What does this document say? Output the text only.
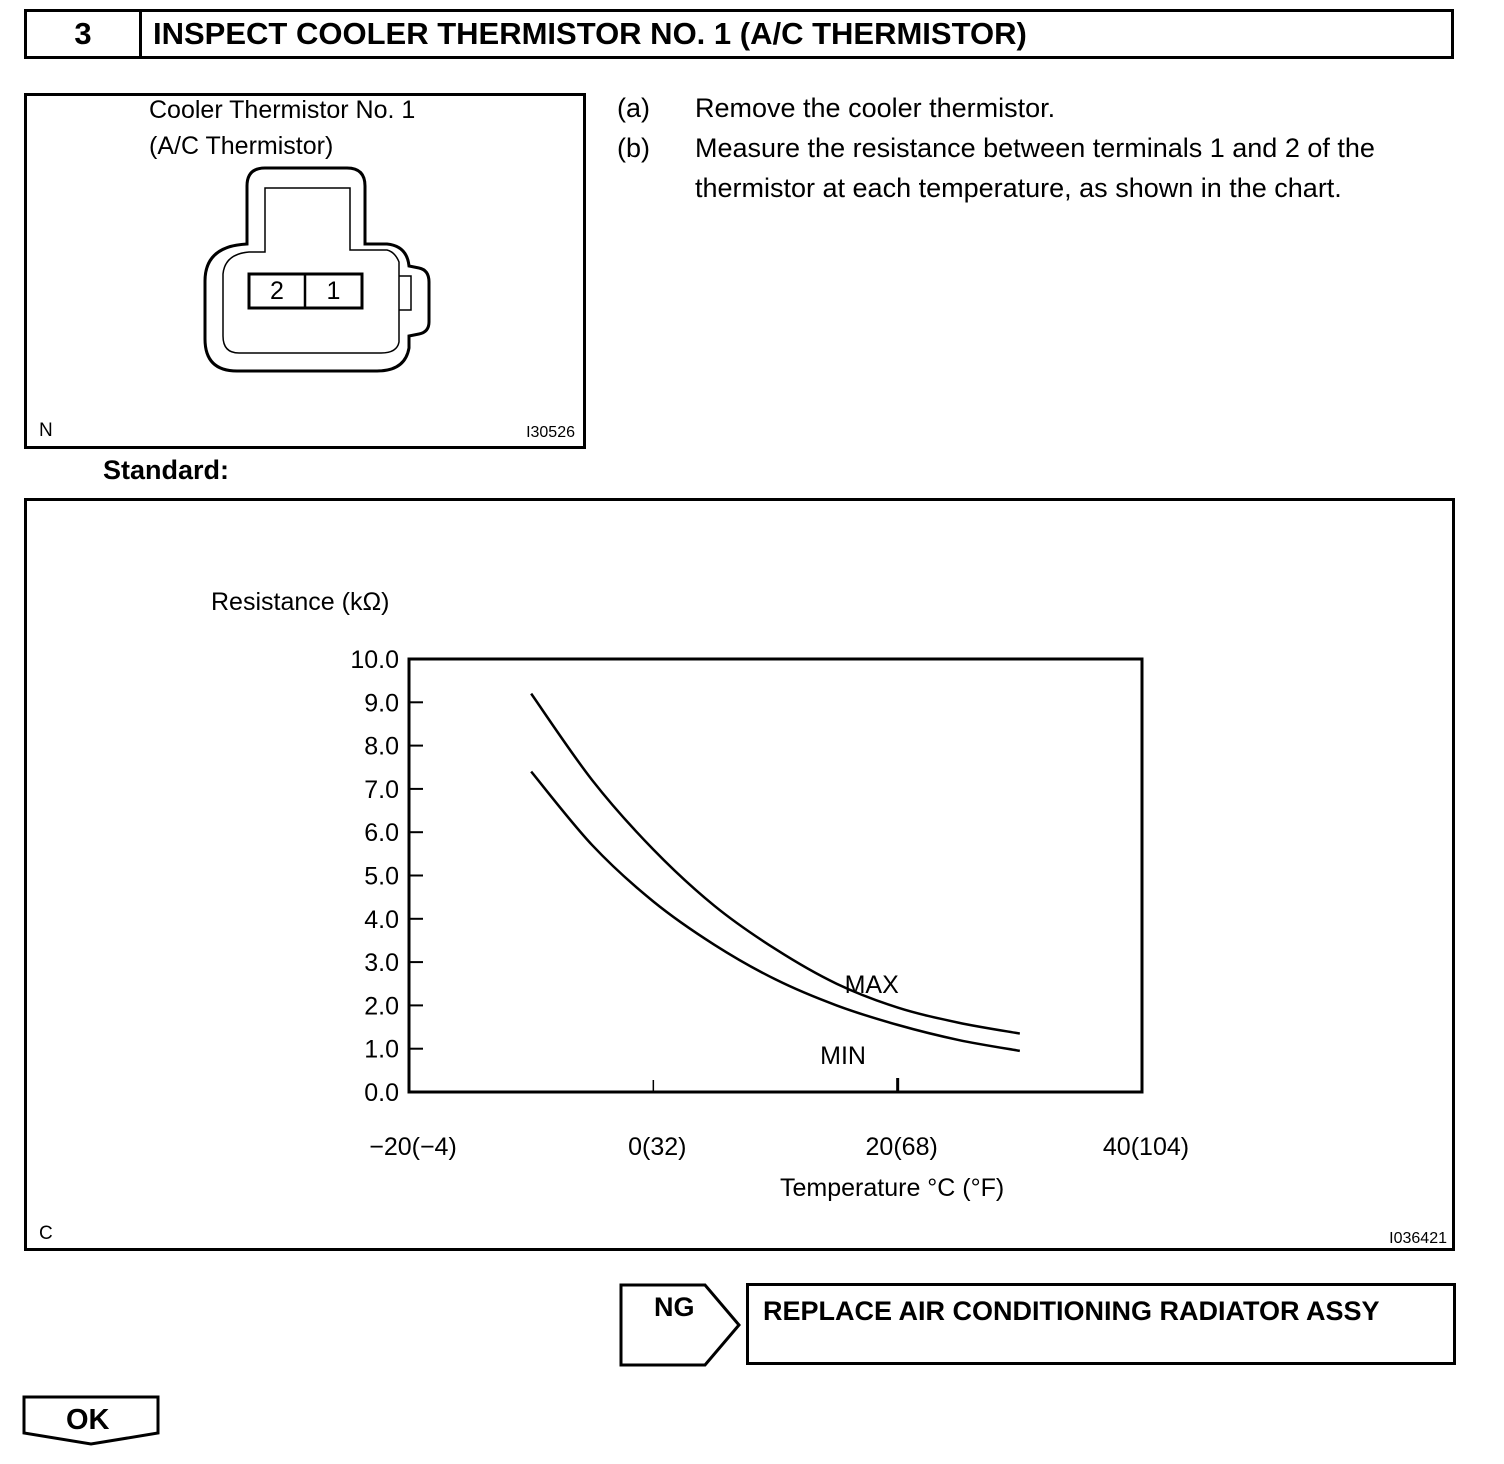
3	INSPECT COOLER THERMISTOR NO. 1 (A/C THERMISTOR)
Cooler Thermistor No. 1
(A/C Thermistor)
2	1
N	I30526
(a)	Remove the cooler thermistor.
(b)	Measure the resistance between terminals 1 and 2 of the thermistor at each temperature, as shown in the chart.
Standard:
0.0
1.0
2.0
3.0
4.0
5.0
6.0
7.0
8.0
9.0
10.0
−20(−4)	0(32)	20(68)	40(104)
MAX
MIN
Resistance (kΩ)
Temperature °C (°F)
C	I036421
NG	REPLACE AIR CONDITIONING RADIATOR ASSY
OK
